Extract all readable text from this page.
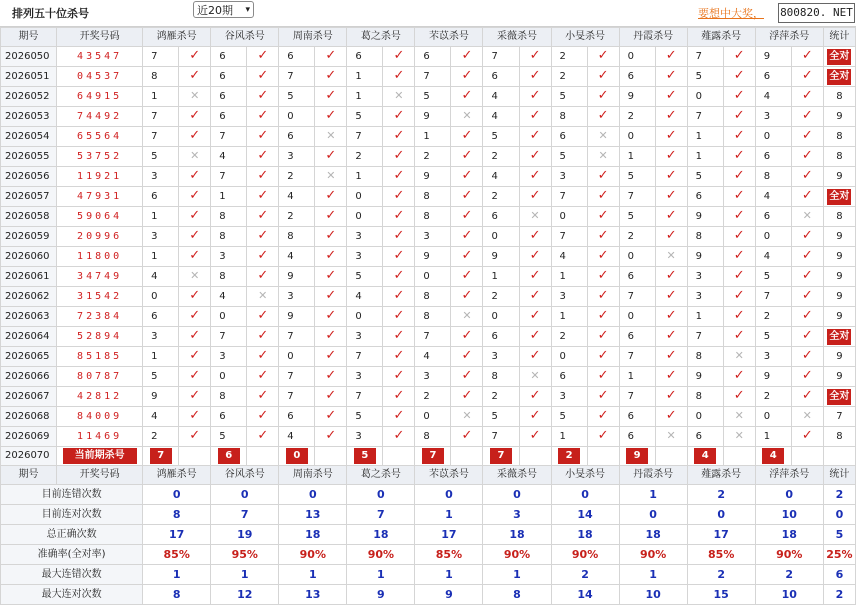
排列五十位杀号	近20期 ▾	要想中大奖， 800820. NET
期号	开奖号码	鸿雁杀号		谷风杀号		周南杀号		葛之杀号		芣苡杀号		采薇杀号		小旻杀号		丹霞杀号		薤露杀号		浮萍杀号		统计
2026050	43547	7	✓	6	✓	6	✓	6	✓	6	✓	7	✓	2	✓	0	✓	7	✓	9	✓	全对
2026051	04537	8	✓	6	✓	7	✓	1	✓	7	✓	6	✓	2	✓	6	✓	5	✓	6	✓	全对
2026052	64915	1	✕	6	✓	5	✓	1	✕	5	✓	4	✓	5	✓	9	✓	0	✓	4	✓	8
2026053	74492	7	✓	6	✓	0	✓	5	✓	9	✕	4	✓	8	✓	2	✓	7	✓	3	✓	9
2026054	65564	7	✓	7	✓	6	✕	7	✓	1	✓	5	✓	6	✕	0	✓	1	✓	0	✓	8
2026055	53752	5	✕	4	✓	3	✓	2	✓	2	✓	2	✓	5	✕	1	✓	1	✓	6	✓	8
2026056	11921	3	✓	7	✓	2	✕	1	✓	9	✓	4	✓	3	✓	5	✓	5	✓	8	✓	9
2026057	47931	6	✓	1	✓	4	✓	0	✓	8	✓	2	✓	7	✓	7	✓	6	✓	4	✓	全对
2026058	59064	1	✓	8	✓	2	✓	0	✓	8	✓	6	✕	0	✓	5	✓	9	✓	6	✕	8
2026059	20996	3	✓	8	✓	8	✓	3	✓	3	✓	0	✓	7	✓	2	✓	8	✓	0	✓	9
2026060	11800	1	✓	3	✓	4	✓	3	✓	9	✓	9	✓	4	✓	0	✕	9	✓	4	✓	9
2026061	34749	4	✕	8	✓	9	✓	5	✓	0	✓	1	✓	1	✓	6	✓	3	✓	5	✓	9
2026062	31542	0	✓	4	✕	3	✓	4	✓	8	✓	2	✓	3	✓	7	✓	3	✓	7	✓	9
2026063	72384	6	✓	0	✓	9	✓	0	✓	8	✕	0	✓	1	✓	0	✓	1	✓	2	✓	9
2026064	52894	3	✓	7	✓	7	✓	3	✓	7	✓	6	✓	2	✓	6	✓	7	✓	5	✓	全对
2026065	85185	1	✓	3	✓	0	✓	7	✓	4	✓	3	✓	0	✓	7	✓	8	✕	3	✓	9
2026066	80787	5	✓	0	✓	7	✓	3	✓	3	✓	8	✕	6	✓	1	✓	9	✓	9	✓	9
2026067	42812	9	✓	8	✓	7	✓	7	✓	2	✓	2	✓	3	✓	7	✓	8	✓	2	✓	全对
2026068	84009	4	✓	6	✓	6	✓	5	✓	0	✕	5	✓	5	✓	6	✓	0	✕	0	✕	7
2026069	11469	2	✓	5	✓	4	✓	3	✓	8	✓	7	✓	1	✓	6	✕	6	✕	1	✓	8
2026070	当前期杀号	7		6		0		5		7		7		2		9		4		4		
期号	开奖号码	鸿雁杀号		谷风杀号		周南杀号		葛之杀号		芣苡杀号		采薇杀号		小旻杀号		丹霞杀号		薤露杀号		浮萍杀号		统计
目前连错次数		0		0		0		0		0		0		0		1		2		0		2
目前连对次数		8		7		13		7		1		3		14		0		0		10		0
总正确次数		17		19		18		18		17		18		18		18		17		18		5
准确率(全对率)		85%		95%		90%		90%		85%		90%		90%		90%		85%		90%		25%
最大连错次数		1		1		1		1		1		1		2		1		2		2		6
最大连对次数		8		12		13		9		9		8		14		10		15		10		2
